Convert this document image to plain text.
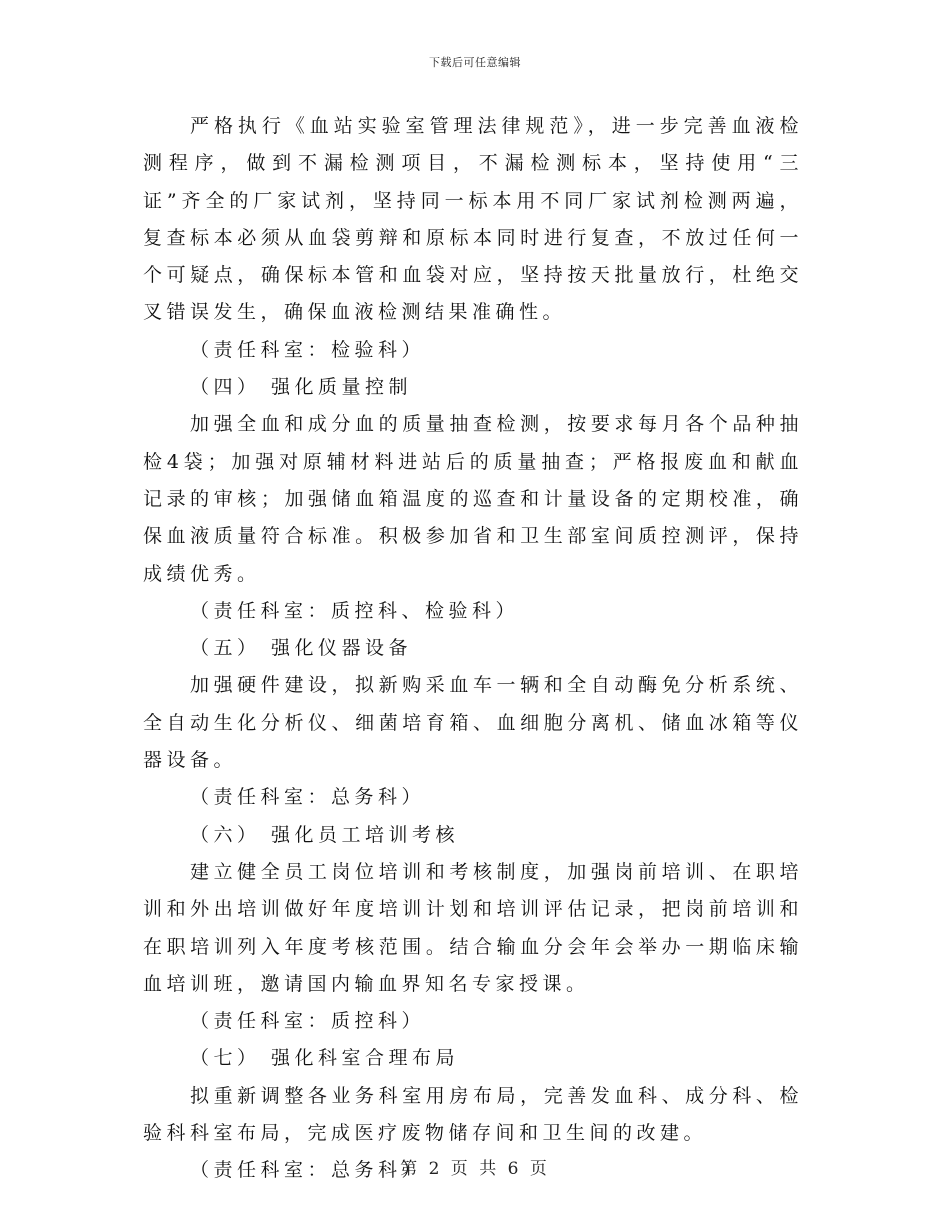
下载后可任意编辑

严格执行《血站实验室管理法律规范》，进一步完善血液检测程序，做到不漏检测项目，不漏检测标本，坚持使用“三证”齐全的厂家试剂，坚持同一标本用不同厂家试剂检测两遍，复查标本必须从血袋剪辩和原标本同时进行复查，不放过任何一个可疑点，确保标本管和血袋对应，坚持按天批量放行，杜绝交叉错误发生，确保血液检测结果准确性。

（责任科室：检验科）

（四） 强化质量控制

加强全血和成分血的质量抽查检测，按要求每月各个品种抽检4袋；加强对原辅材料进站后的质量抽查；严格报废血和献血记录的审核；加强储血箱温度的巡查和计量设备的定期校准，确保血液质量符合标准。积极参加省和卫生部室间质控测评，保持成绩优秀。

（责任科室：质控科、检验科）

（五） 强化仪器设备

加强硬件建设，拟新购采血车一辆和全自动酶免分析系统、全自动生化分析仪、细菌培育箱、血细胞分离机、储血冰箱等仪器设备。

（责任科室：总务科）

（六） 强化员工培训考核

建立健全员工岗位培训和考核制度，加强岗前培训、在职培训和外出培训做好年度培训计划和培训评估记录，把岗前培训和在职培训列入年度考核范围。结合输血分会年会举办一期临床输血培训班，邀请国内输血界知名专家授课。

（责任科室：质控科）

（七） 强化科室合理布局

拟重新调整各业务科室用房布局，完善发血科、成分科、检验科科室布局，完成医疗废物储存间和卫生间的改建。

（责任科室：总务科）

第 2 页 共 6 页
